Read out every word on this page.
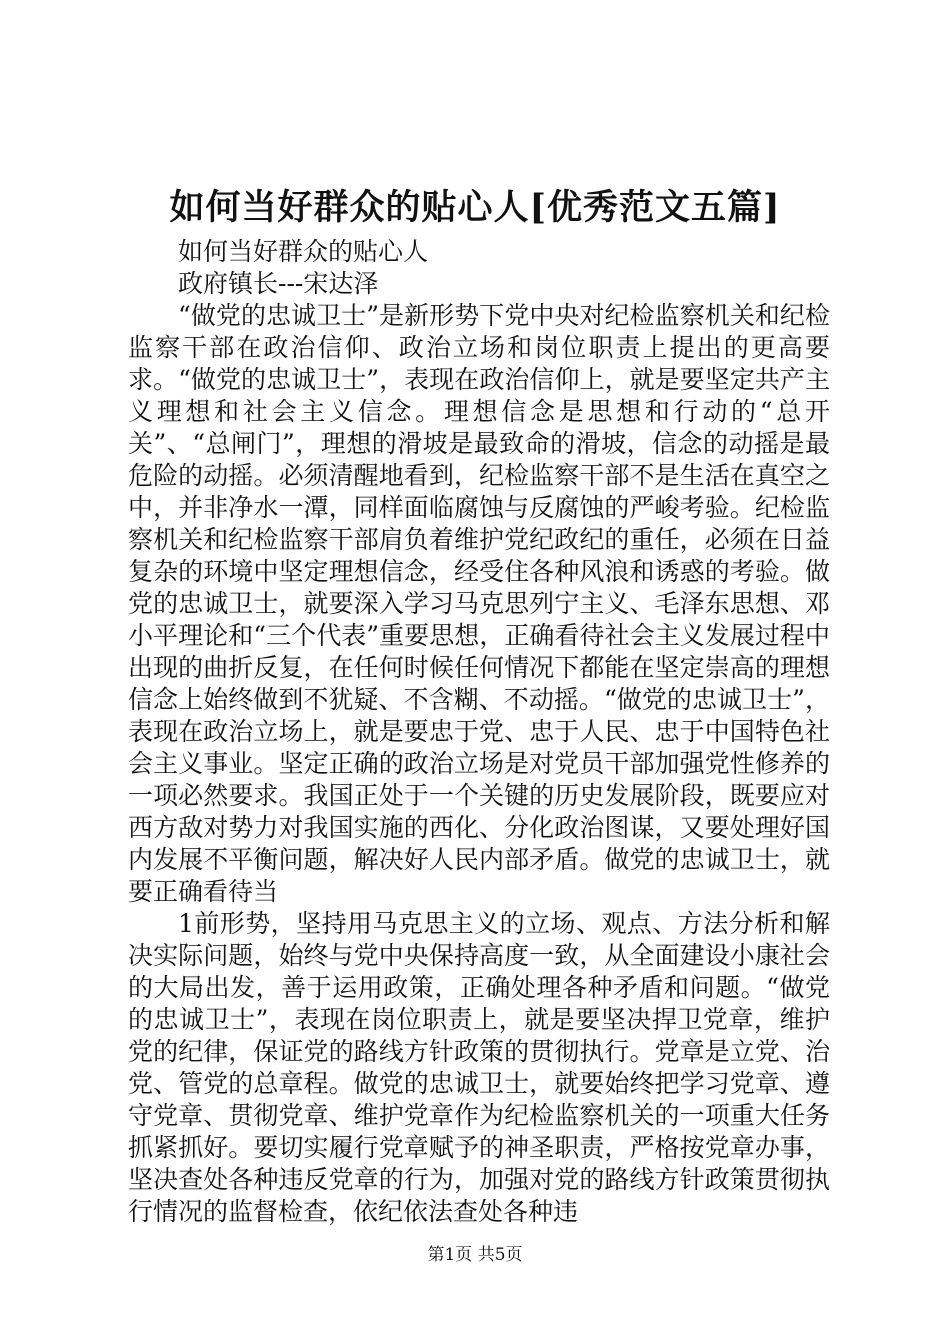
如何当好群众的贴心人[优秀范文五篇]

如何当好群众的贴心人

政府镇长---宋达泽

“做党的忠诚卫士”是新形势下党中央对纪检监察机关和纪检监察干部在政治信仰、政治立场和岗位职责上提出的更高要求。“做党的忠诚卫士”，表现在政治信仰上，就是要坚定共产主义理想和社会主义信念。理想信念是思想和行动的“总开关”、“总闸门”，理想的滑坡是最致命的滑坡，信念的动摇是最危险的动摇。必须清醒地看到，纪检监察干部不是生活在真空之中，并非净水一潭，同样面临腐蚀与反腐蚀的严峻考验。纪检监察机关和纪检监察干部肩负着维护党纪政纪的重任，必须在日益复杂的环境中坚定理想信念，经受住各种风浪和诱惑的考验。做党的忠诚卫士，就要深入学习马克思列宁主义、毛泽东思想、邓小平理论和“三个代表”重要思想，正确看待社会主义发展过程中出现的曲折反复，在任何时候任何情况下都能在坚定崇高的理想信念上始终做到不犹疑、不含糊、不动摇。“做党的忠诚卫士”，表现在政治立场上，就是要忠于党、忠于人民、忠于中国特色社会主义事业。坚定正确的政治立场是对党员干部加强党性修养的一项必然要求。我国正处于一个关键的历史发展阶段，既要应对西方敌对势力对我国实施的西化、分化政治图谋，又要处理好国内发展不平衡问题，解决好人民内部矛盾。做党的忠诚卫士，就要正确看待当

1前形势，坚持用马克思主义的立场、观点、方法分析和解决实际问题，始终与党中央保持高度一致，从全面建设小康社会的大局出发，善于运用政策，正确处理各种矛盾和问题。“做党的忠诚卫士”，表现在岗位职责上，就是要坚决捍卫党章，维护党的纪律，保证党的路线方针政策的贯彻执行。党章是立党、治党、管党的总章程。做党的忠诚卫士，就要始终把学习党章、遵守党章、贯彻党章、维护党章作为纪检监察机关的一项重大任务抓紧抓好。要切实履行党章赋予的神圣职责，严格按党章办事，坚决查处各种违反党章的行为，加强对党的路线方针政策贯彻执行情况的监督检查，依纪依法查处各种违

第1页 共5页
